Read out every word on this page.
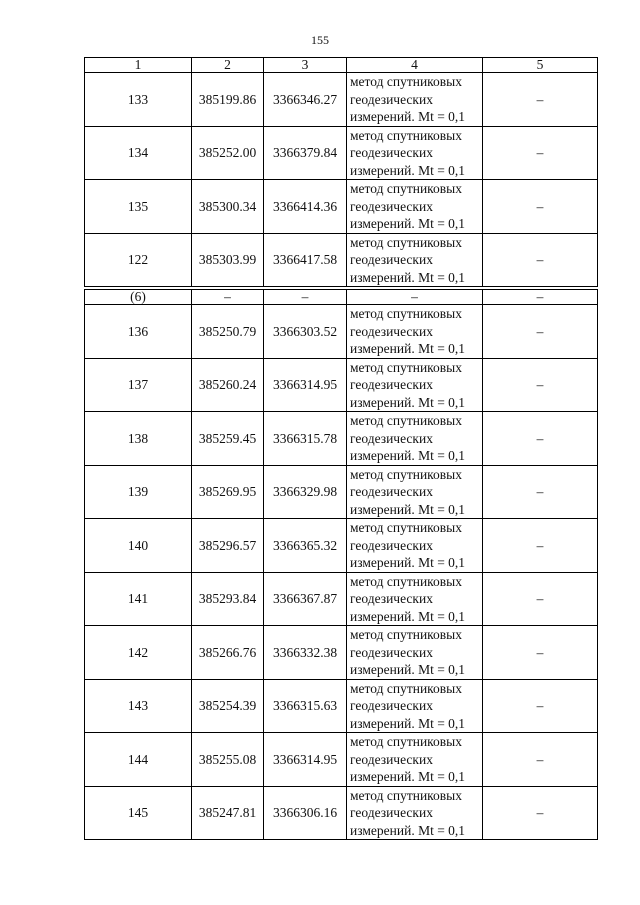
155
1	2	3	4	5
133	385199.86	3366346.27	метод спутниковых
геодезических
измерений. Mt = 0,1	–
134	385252.00	3366379.84	метод спутниковых
геодезических
измерений. Mt = 0,1	–
135	385300.34	3366414.36	метод спутниковых
геодезических
измерений. Mt = 0,1	–
122	385303.99	3366417.58	метод спутниковых
геодезических
измерений. Mt = 0,1	–

(6)	–	–	–	–
136	385250.79	3366303.52	метод спутниковых
геодезических
измерений. Mt = 0,1	–
137	385260.24	3366314.95	метод спутниковых
геодезических
измерений. Mt = 0,1	–
138	385259.45	3366315.78	метод спутниковых
геодезических
измерений. Mt = 0,1	–
139	385269.95	3366329.98	метод спутниковых
геодезических
измерений. Mt = 0,1	–
140	385296.57	3366365.32	метод спутниковых
геодезических
измерений. Mt = 0,1	–
141	385293.84	3366367.87	метод спутниковых
геодезических
измерений. Mt = 0,1	–
142	385266.76	3366332.38	метод спутниковых
геодезических
измерений. Mt = 0,1	–
143	385254.39	3366315.63	метод спутниковых
геодезических
измерений. Mt = 0,1	–
144	385255.08	3366314.95	метод спутниковых
геодезических
измерений. Mt = 0,1	–
145	385247.81	3366306.16	метод спутниковых
геодезических
измерений. Mt = 0,1	–
